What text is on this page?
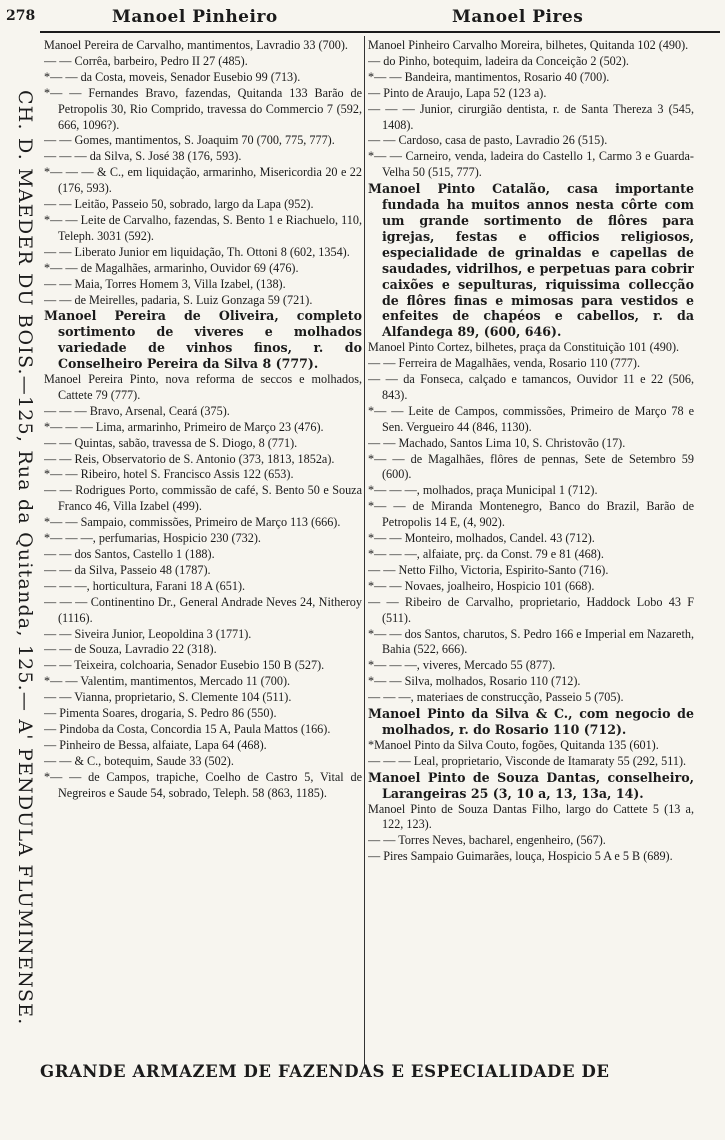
278	Manoel Pinheiro	Manoel Pires
CH. D. MAEDER DU BOIS.—125, Rua da Quitanda, 125.— A' PENDULA FLUMINENSE.

Manoel Pereira de Carvalho, mantimentos, Lavradio 33 (700).

— — Corrêa, barbeiro, Pedro II 27 (485).

*— — da Costa, moveis, Senador Eusebio 99 (713).

*— — Fernandes Bravo, fazendas, Quitanda 133 Barão de Petropolis 30, Rio Comprido, travessa do Commercio 7 (592, 666, 1096?).

— — Gomes, mantimentos, S. Joaquim 70 (700, 775, 777).

— — — da Silva, S. José 38 (176, 593).

*— — — & C., em liquidação, armarinho, Misericordia 20 e 22 (176, 593).

— — Leitão, Passeio 50, sobrado, largo da Lapa (952).

*— — Leite de Carvalho, fazendas, S. Bento 1 e Riachuelo, 110, Teleph. 3031 (592).

— — Liberato Junior em liquidação, Th. Ottoni 8 (602, 1354).

*— — de Magalhães, armarinho, Ouvidor 69 (476).

— — Maia, Torres Homem 3, Villa Izabel, (138).

— — de Meirelles, padaria, S. Luiz Gonzaga 59 (721).

Manoel Pereira de Oliveira, completo sortimento de viveres e molhados variedade de vinhos finos, r. do Conselheiro Pereira da Silva 8 (777).

Manoel Pereira Pinto, nova reforma de seccos e molhados, Cattete 79 (777).

— — — Bravo, Arsenal, Ceará (375).

*— — — Lima, armarinho, Primeiro de Março 23 (476).

— — Quintas, sabão, travessa de S. Diogo, 8 (771).

— — Reis, Observatorio de S. Antonio (373, 1813, 1852a).

*— — Ribeiro, hotel S. Francisco Assis 122 (653).

— — Rodrigues Porto, commissão de café, S. Bento 50 e Souza Franco 46, Villa Izabel (499).

*— — Sampaio, commissões, Primeiro de Março 113 (666).

*— — —, perfumarias, Hospicio 230 (732).

— — dos Santos, Castello 1 (188).

— — da Silva, Passeio 48 (1787).

— — —, horticultura, Farani 18 A (651).

— — — Continentino Dr., General Andrade Neves 24, Nitheroy (1116).

— — Siveira Junior, Leopoldina 3 (1771).

— — de Souza, Lavradio 22 (318).

— — Teixeira, colchoaria, Senador Eusebio 150 B (527).

*— — Valentim, mantimentos, Mercado 11 (700).

— — Vianna, proprietario, S. Clemente 104 (511).

— Pimenta Soares, drogaria, S. Pedro 86 (550).

— Pindoba da Costa, Concordia 15 A, Paula Mattos (166).

— Pinheiro de Bessa, alfaiate, Lapa 64 (468).

— — & C., botequim, Saude 33 (502).

*— — de Campos, trapiche, Coelho de Castro 5, Vital de Negreiros e Saude 54, sobrado, Teleph. 58 (863, 1185).

Manoel Pinheiro Carvalho Moreira, bilhetes, Quitanda 102 (490).

— do Pinho, botequim, ladeira da Conceição 2 (502).

*— — Bandeira, mantimentos, Rosario 40 (700).

— Pinto de Araujo, Lapa 52 (123 a).

— — — Junior, cirurgião dentista, r. de Santa Thereza 3 (545, 1408).

— — Cardoso, casa de pasto, Lavradio 26 (515).

*— — Carneiro, venda, ladeira do Castello 1, Carmo 3 e Guarda-Velha 50 (515, 777).

Manoel Pinto Catalão, casa importante fundada ha muitos annos nesta côrte com um grande sortimento de flôres para igrejas, festas e officios religiosos, especialidade de grinaldas e capellas de saudades, vidrilhos, e perpetuas para cobrir caixões e sepulturas, riquissima collecção de flôres finas e mimosas para vestidos e enfeites de chapéos e cabellos, r. da Alfandega 89, (600, 646).

Manoel Pinto Cortez, bilhetes, praça da Constituição 101 (490).

— — Ferreira de Magalhães, venda, Rosario 110 (777).

— — da Fonseca, calçado e tamancos, Ouvidor 11 e 22 (506, 843).

*— — Leite de Campos, commissões, Primeiro de Março 78 e Sen. Vergueiro 44 (846, 1130).

— — Machado, Santos Lima 10, S. Christovão (17).

*— — de Magalhães, flôres de pennas, Sete de Setembro 59 (600).

*— — —, molhados, praça Municipal 1 (712).

*— — de Miranda Montenegro, Banco do Brazil, Barão de Petropolis 14 E, (4, 902).

*— — Monteiro, molhados, Candel. 43 (712).

*— — —, alfaiate, prç. da Const. 79 e 81 (468).

— — Netto Filho, Victoria, Espirito-Santo (716).

*— — Novaes, joalheiro, Hospicio 101 (668).

— — Ribeiro de Carvalho, proprietario, Haddock Lobo 43 F (511).

*— — dos Santos, charutos, S. Pedro 166 e Imperial em Nazareth, Bahia (522, 666).

*— — —, viveres, Mercado 55 (877).

*— — Silva, molhados, Rosario 110 (712).

— — —, materiaes de construcção, Passeio 5 (705).

Manoel Pinto da Silva & C., com negocio de molhados, r. do Rosario 110 (712).

*Manoel Pinto da Silva Couto, fogões, Quitanda 135 (601).

— — — Leal, proprietario, Visconde de Itamaraty 55 (292, 511).

Manoel Pinto de Souza Dantas, conselheiro, Larangeiras 25 (3, 10 a, 13, 13a, 14).

Manoel Pinto de Souza Dantas Filho, largo do Cattete 5 (13 a, 122, 123).

— — Torres Neves, bacharel, engenheiro, (567).

— Pires Sampaio Guimarães, louça, Hospicio 5 A e 5 B (689).

GRANDE ARMAZEM DE FAZENDAS E ESPECIALIDADE DE
